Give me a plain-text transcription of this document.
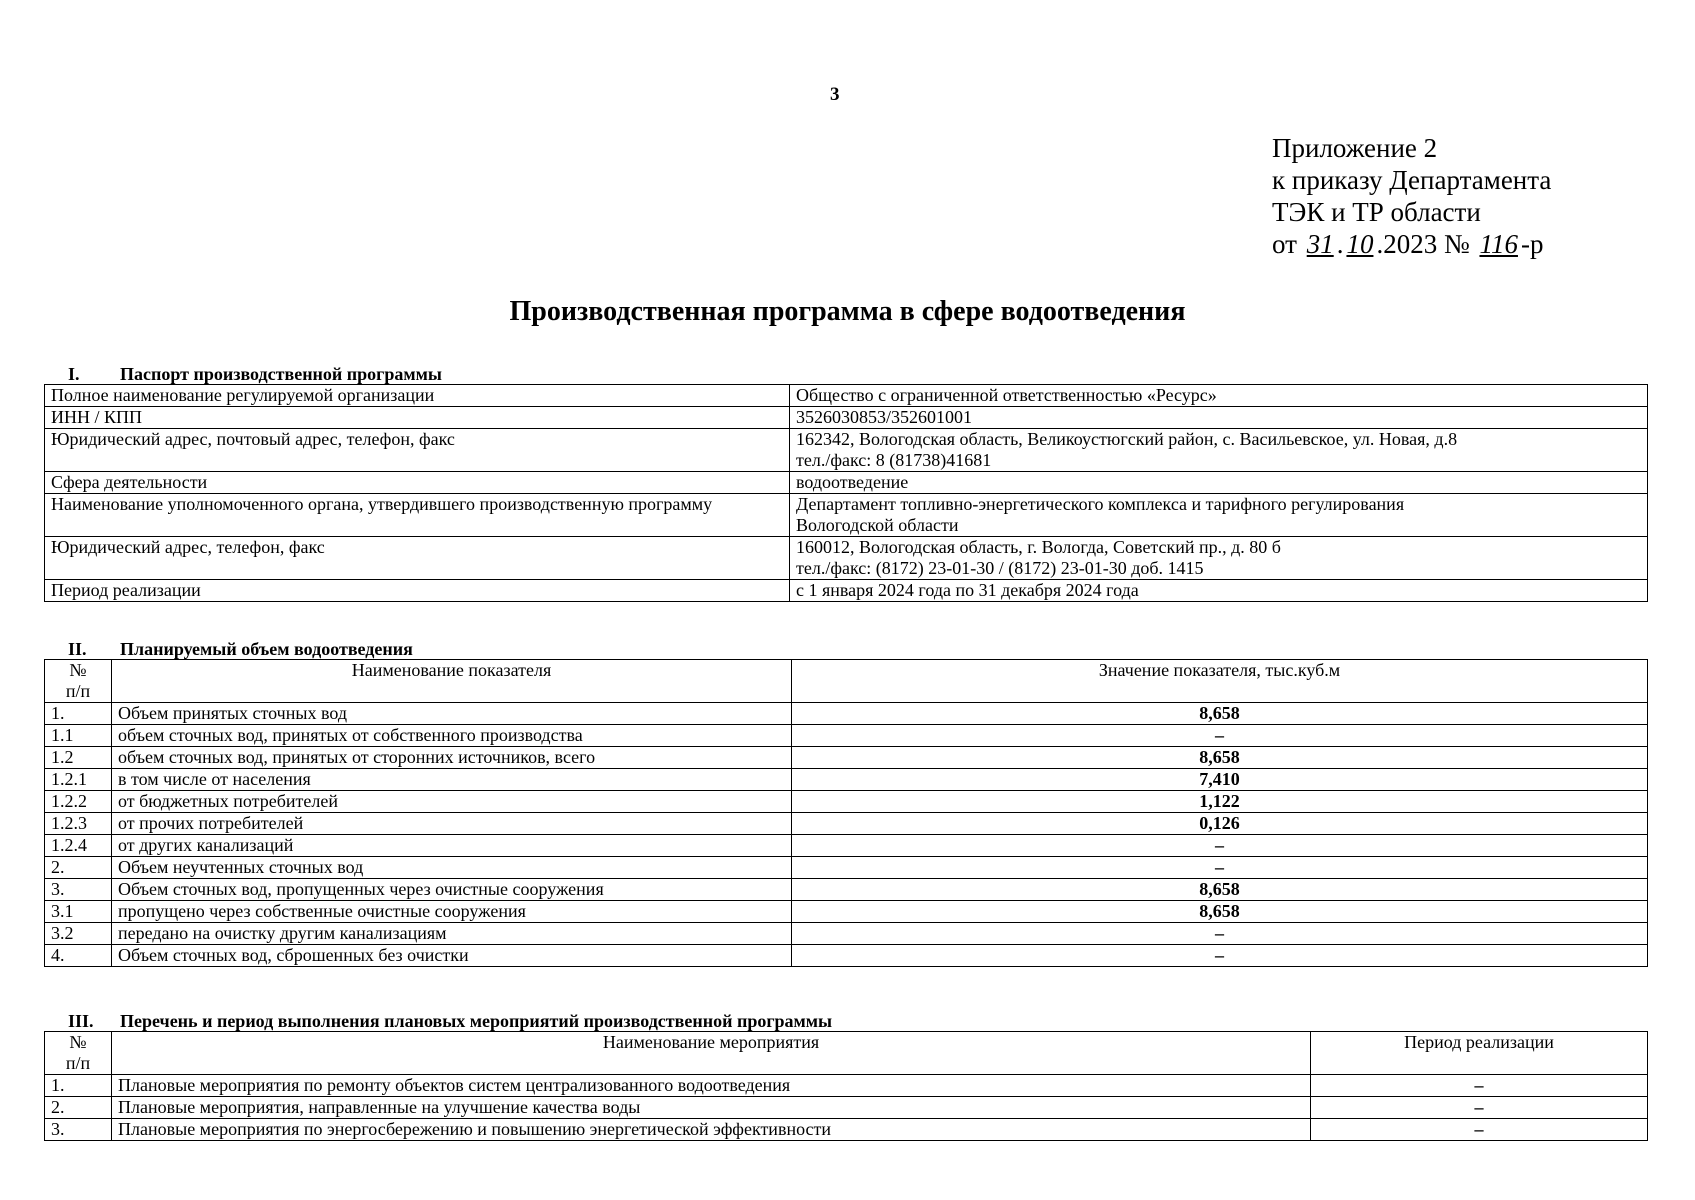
3
Приложение 2
к приказу Департамента
ТЭК и ТР области
от 31 . 10 .2023 № 116 -р
Производственная программа в сфере водоотведения
I. Паспорт производственной программы
Полное наименование регулируемой организации	Общество с ограниченной ответственностью «Ресурс»
ИНН / КПП	3526030853/352601001
Юридический адрес, почтовый адрес, телефон, факс	162342, Вологодская область, Великоустюгский район, с. Васильевское, ул. Новая, д.8
тел./факс: 8 (81738)41681

Сфера деятельности	водоотведение
Наименование уполномоченного органа, утвердившего производственную программу	Департамент топливно-энергетического комплекса и тарифного регулирования
Вологодской области

Юридический адрес, телефон, факс	160012, Вологодская область, г. Вологда, Советский пр., д. 80 б
тел./факс: (8172) 23-01-30 / (8172) 23-01-30 доб. 1415

Период реализации	с 1 января 2024 года по 31 декабря 2024 года
II. Планируемый объем водоотведения
№
п/п	Наименование показателя	Значение показателя, тыс.куб.м
1.	Объем принятых сточных вод	8,658
1.1	объем сточных вод, принятых от собственного производства	–
1.2	объем сточных вод, принятых от сторонних источников, всего	8,658
1.2.1	в том числе от населения	7,410
1.2.2	от бюджетных потребителей	1,122
1.2.3	от прочих потребителей	0,126
1.2.4	от других канализаций	–
2.	Объем неучтенных сточных вод	–
3.	Объем сточных вод, пропущенных через очистные сооружения	8,658
3.1	пропущено через собственные очистные сооружения	8,658
3.2	передано на очистку другим канализациям	–
4.	Объем сточных вод, сброшенных без очистки	–
III. Перечень и период выполнения плановых мероприятий производственной программы
№
п/п	Наименование мероприятия	Период реализации
1.	Плановые мероприятия по ремонту объектов систем централизованного водоотведения	–
2.	Плановые мероприятия, направленные на улучшение качества воды	–
3.	Плановые мероприятия по энергосбережению и повышению энергетической эффективности	–
